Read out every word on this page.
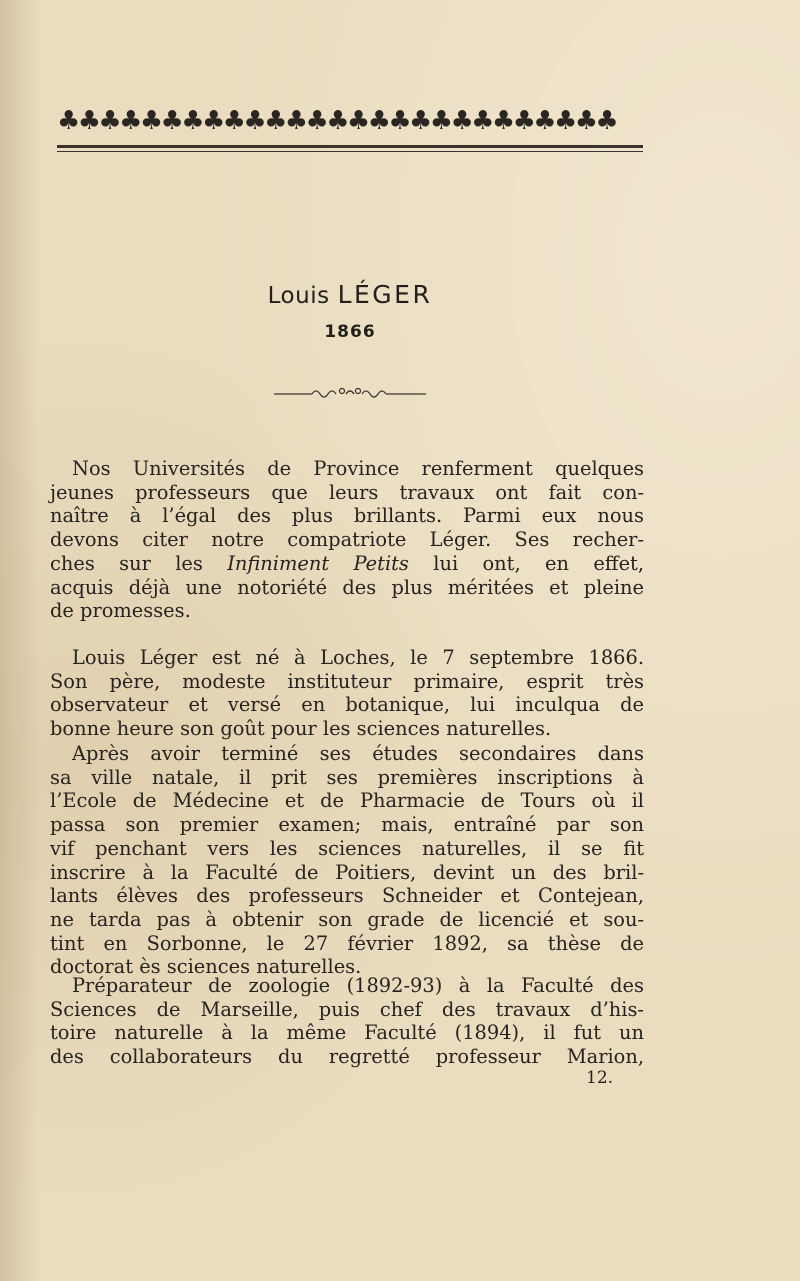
♣♣♣♣♣♣♣♣♣♣♣♣♣♣♣♣♣♣♣♣♣♣♣♣♣♣♣
Louis LÉGER
1866
Nos Universités de Province renferment quelques
jeunes professeurs que leurs travaux ont fait con-
naître à l’égal des plus brillants. Parmi eux nous
devons citer notre compatriote Léger. Ses recher-
ches sur les Infiniment Petits lui ont, en effet,
acquis déjà une notoriété des plus méritées et pleine
de promesses.
Louis Léger est né à Loches, le 7 septembre 1866.
Son père, modeste instituteur primaire, esprit très
observateur et versé en botanique, lui inculqua de
bonne heure son goût pour les sciences naturelles.
Après avoir terminé ses études secondaires dans
sa ville natale, il prit ses premières inscriptions à
l’Ecole de Médecine et de Pharmacie de Tours où il
passa son premier examen; mais, entraîné par son
vif penchant vers les sciences naturelles, il se fit
inscrire à la Faculté de Poitiers, devint un des bril-
lants élèves des professeurs Schneider et Contejean,
ne tarda pas à obtenir son grade de licencié et sou-
tint en Sorbonne, le 27 février 1892, sa thèse de
doctorat ès sciences naturelles.
Préparateur de zoologie (1892-93) à la Faculté des
Sciences de Marseille, puis chef des travaux d’his-
toire naturelle à la même Faculté (1894), il fut un
des collaborateurs du regretté professeur Marion,
12.
